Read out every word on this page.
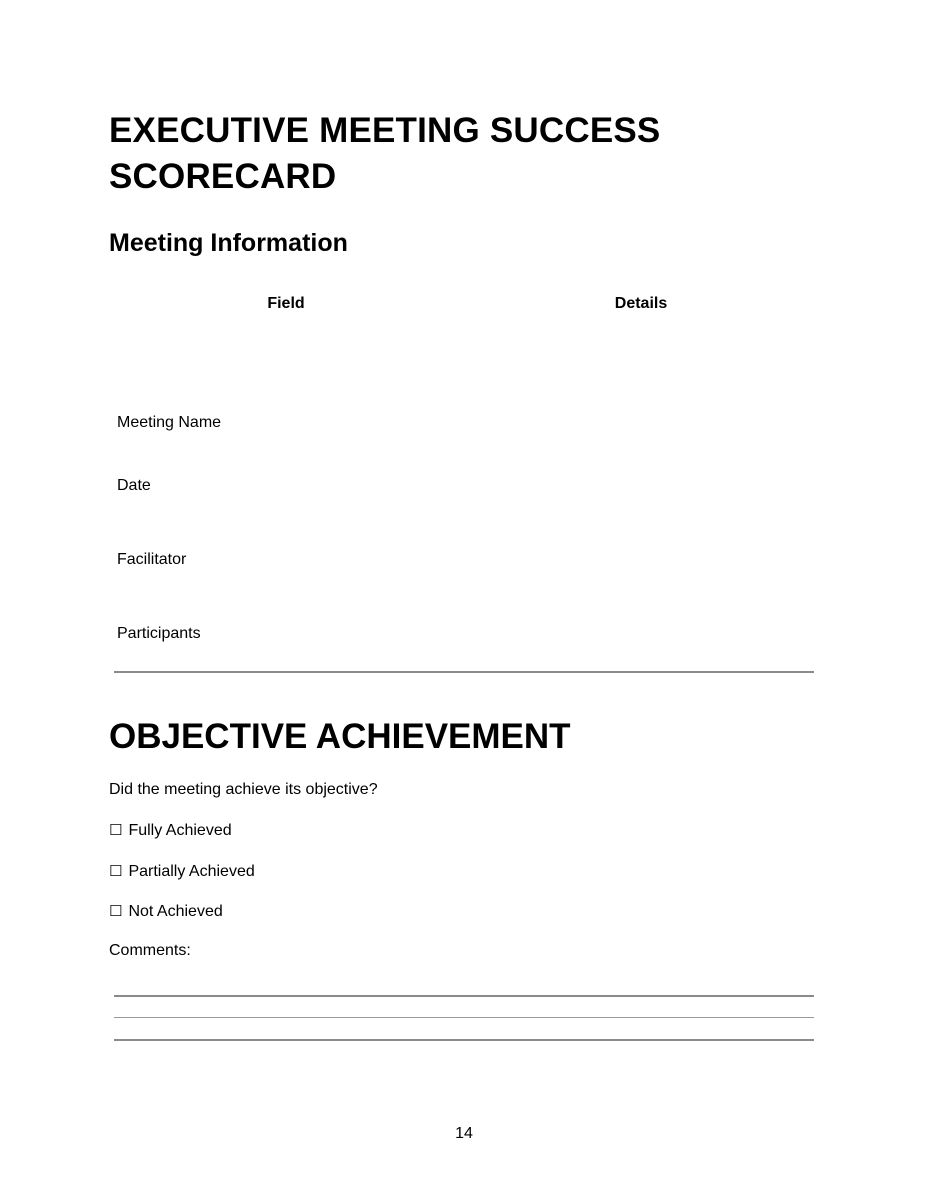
EXECUTIVE MEETING SUCCESS SCORECARD
Meeting Information
Field	Details
Meeting Name	
Date	
Facilitator	
Participants	
OBJECTIVE ACHIEVEMENT
Did the meeting achieve its objective?
☐ Fully Achieved
☐ Partially Achieved
☐ Not Achieved
Comments:
14
